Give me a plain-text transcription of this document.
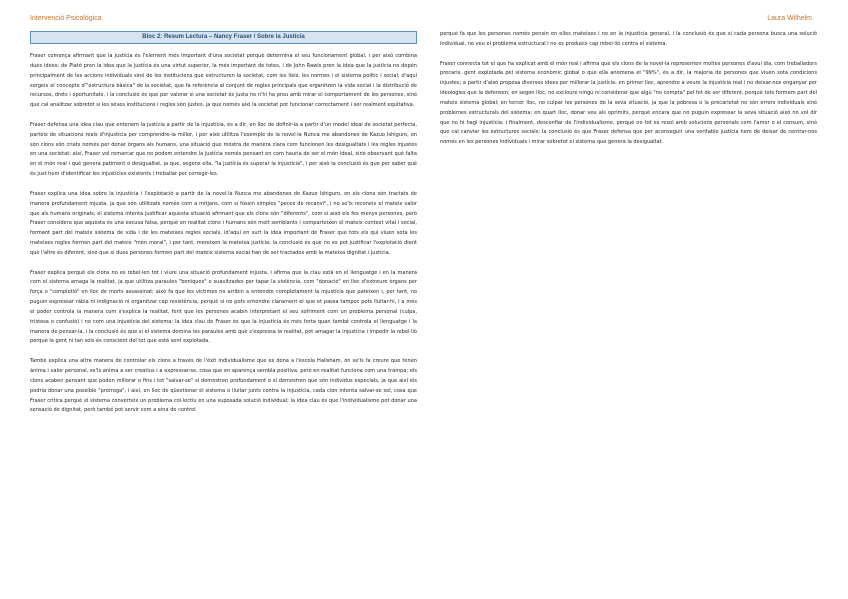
Intervenció Psicològica	Laura Wilhelm
Bloc 2: Resum Lectura – Nancy Fraser / Sobre la Justícia

Fraser comença afirmant que la justícia és l'element més important d'una societat perquè determina el seu funcionament global, i per això combina dues idees: de Plató pren la idea que la justícia és una virtut superior, la més important de totes, i de John Rawls pren la idea que la justícia no depèn principalment de les accions individuals sinó de les institucions que estructuren la societat, com les lleis, les normes i el sistema polític i social; d'aquí sorgeix el concepte d'"estructura bàsica" de la societat, que fa referència al conjunt de regles principals que organitzen la vida social i la distribució de recursos, drets i oportunitats, i la conclusió és que per valorar si una societat és justa no n'hi ha prou amb mirar el comportament de les persones, sinó que cal analitzar sobretot si les seves institucions i regles són justes, ja que només així la societat pot funcionar correctament i ser realment equitativa.

Fraser defensa una idea clau que entenem la justícia a partir de la injustícia, és a dir, en lloc de definir-la a partir d'un model ideal de societat perfecta, parteix de situacions reals d'injustícia per comprendre-la millor, i per això utilitza l'exemple de la novel·la Nunca me abandones de Kazuo Ishiguro, on són clons són criats només per donar òrgans als humans, una situació que mostra de manera clara com funcionen les desigualtats i les regles injustes en una societat; així, Fraser vol remarcar que no podem entendre la justícia només pensant en com hauria de ser el món ideal, sinó observant què falta en el món real i què genera patiment o desigualtat, ja que, segons ella, "la justícia és superar la injustícia", i per això la conclusió és que per saber què és just hem d'identificar les injustícies existents i treballar per corregir-les.

Fraser explica una idea sobre la injustícia i l'explotació a partir de la novel·la Nunca me abandones de Kazuo Ishiguro, on els clons són tractats de manera profundament injusta, ja que són utilitzats només com a mitjans, com si fossin simples "peces de recanvi", i no se'ls reconeix el mateix valor que als humans originals; el sistema intenta justificar aquesta situació afirmant que els clons són "diferents", com si això els fes menys persones, però Fraser considera que aquesta és una excusa falsa, perquè en realitat clons i humans són molt semblants i comparteixen el mateix context vital i social, formant part del mateix sistema de vida i de les mateixes regles socials, id'aquí en surt la idea important de Fraser que tots els qui viuen sota les mateixes regles formen part del mateix "món moral", i per tant, mereixen la mateixa justícia; la conclusió és que no es pot justificar l'explotació dient que l'altre és diferent, sinó que si dues persones formen part del mateix sistema social han de ser tractades amb la mateixa dignitat i justícia.

Fraser explica perquè els clons no es rebel·len tot i viure una situació profundament injusta, i afirma que la clau està en el llenguatge i en la manera com el sistema amaga la realitat, ja que utilitza paraules "boniques" o suavitzades per tapar la violència, com "donació" en lloc d'extreure òrgans per força o "completió" en lloc de morts assassinat; això fa que les víctimes no arribin a entendre completament la injustícia que pateixen i, per tant, no puguin expressar ràbia ni indignació ni organitzar cap resistència, perquè si no pots entendre clarament el que et passa tampoc pots lluitar-hi, i a més el poder controla la manera com s'explica la realitat, fent que les persones acabin interpretant el seu sofriment com un problema personal (culpa, tristesa o confusió) i no com una injustícia del sistema; la idea clau de Fraser és que la injustícia és més forta quan també controla el llenguatge i la manera de pensar-la, i la conclusió és que si el sistema domina les paraules amb què s'expressa la realitat, pot amagar la injustícia i impedir la rebel·lió perquè la gent ni tan sols és conscient del tot que està sent explotada.

També explica una altra manera de controlar els clons a través de l'èxit individualisme que es dona a l'escola Hailsham, on se'ls fa creure que tenen ànima i valor personal, se'ls anima a ser creatius i a expressar-se, cosa que en aparença sembla positiva, però en realitat funciona com una trampa; els clons acaben pensant que poden millorar o fins i tot "salvar-se" si demostren profundament o si demostren que són individus especials, ja que així els podria donar una possible "pròrroga", i així, en lloc de qüestionar el sistema o lluitar junts contra la injustícia, cada clon intenta salvar-se sol, cosa que Fraser critica perquè el sistema converteix un problema col·lectiu en una suposada solució individual; la idea clau és que l'individualisme pot donar una sensació de dignitat, però també pot servir com a eina de control

perquè fa que les persones només pensin en elles mateixes i no en la injustícia general, i la conclusió és que si cada persona busca una solució individual, no veu el problema estructural i no es produeix cap rebel·lió contra el sistema.

Fraser connecta tot el que ha explicat amb el món real i afirma que els clons de la novel·la representen moltes persones d'avui dia, com treballadors precaris, gent explotada pel sistema econòmic global o que ella anomena el "99%", és a dir, la majoria de persones que viuen sota condicions injustes; a partir d'això proposa diverses idees per millorar la justícia: en primer lloc, aprendre a veure la injustícia real i no deixar-nos enganyar per ideologies que la defensen; en segon lloc, no excloure ningú ni considerar que algú "no compta" pel fet de ser diferent, perquè tots formem part del mateix sistema global; en tercer lloc, no culpar les persones de la seva situació, ja que la pobresa o la precarietat no són errors individuals sinó problemes estructurals del sistema; en quart lloc, donar veu als oprimits, perquè encara que no puguin expressar la seva situació això no vol dir que no hi hagi injustícia; i finalment, desconfiar de l'individualisme, perquè no tot es resol amb solucions personals com l'amor o el consum, sinó que cal canviar les estructures socials; la conclusió és que Fraser defensa que per aconseguir una veritable justícia hem de deixar de centrar-nos només en les persones individuals i mirar sobretot el sistema que genera la desigualtat.
